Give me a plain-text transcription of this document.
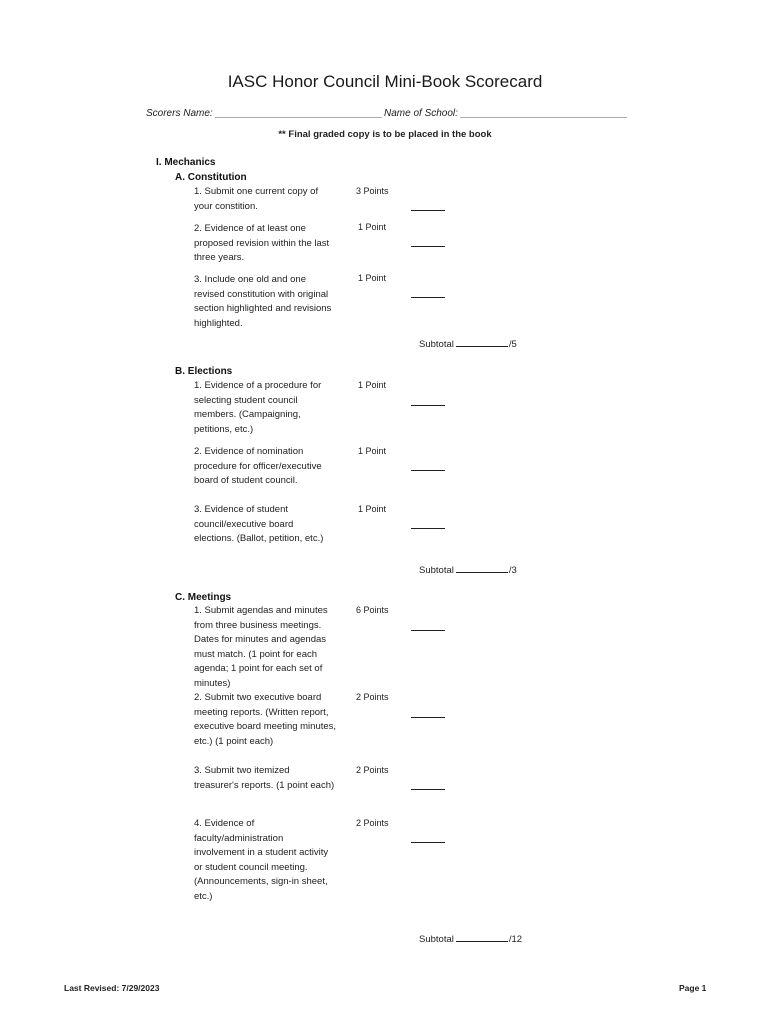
IASC Honor Council Mini-Book Scorecard
Scorers Name: ______________________________ Name of School: ______________________________
** Final graded copy is to be placed in the book
I. Mechanics
A. Constitution
1. Submit one current copy of
your constition.
3 Points
2. Evidence of at least one
proposed revision within the last
three years.
1 Point
3. Include one old and one
revised constitution with original
section highlighted and revisions
highlighted.
1 Point
Subtotal	/5
B. Elections
1. Evidence of a procedure for
selecting student council
members. (Campaigning,
petitions, etc.)
1 Point
2. Evidence of nomination
procedure for officer/executive
board of student council.
1 Point
3. Evidence of student
council/executive board
elections. (Ballot, petition, etc.)
1 Point
Subtotal	/3
C. Meetings
1. Submit agendas and minutes
from three business meetings.
Dates for minutes and agendas
must match. (1 point for each
agenda; 1 point for each set of
minutes)
6 Points
2. Submit two executive board
meeting reports. (Written report,
executive board meeting minutes,
etc.) (1 point each)
2 Points
3. Submit two itemized
treasurer's reports. (1 point each)
2 Points
4. Evidence of
faculty/administration
involvement in a student activity
or student council meeting.
(Announcements, sign-in sheet,
etc.)
2 Points
Subtotal	/12
Last Revised: 7/29/2023	Page 1
